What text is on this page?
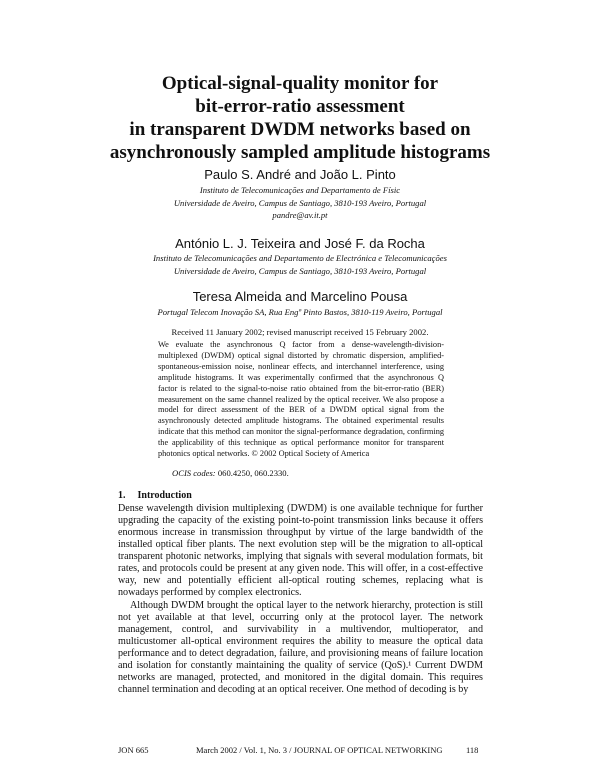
Optical-signal-quality monitor for
bit-error-ratio assessment
in transparent DWDM networks based on
asynchronously sampled amplitude histograms
Paulo S. André and João L. Pinto
Instituto de Telecomunicações and Departamento de Físic
Universidade de Aveiro, Campus de Santiago, 3810-193 Aveiro, Portugal
pandre@av.it.pt
António L. J. Teixeira and José F. da Rocha
Instituto de Telecomunicações and Departamento de Electrónica e Telecomunicações
Universidade de Aveiro, Campus de Santiago, 3810-193 Aveiro, Portugal
Teresa Almeida and Marcelino Pousa
Portugal Telecom Inovação SA, Rua Engº Pinto Bastos, 3810-119 Aveiro, Portugal
Received 11 January 2002; revised manuscript received 15 February 2002.
We evaluate the asynchronous Q factor from a dense-wavelength-division-multiplexed (DWDM) optical signal distorted by chromatic dispersion, amplified-spontaneous-emission noise, nonlinear effects, and interchannel interference, using amplitude histograms. It was experimentally confirmed that the asynchronous Q factor is related to the signal-to-noise ratio obtained from the bit-error-ratio (BER) measurement on the same channel realized by the optical receiver. We also propose a model for direct assessment of the BER of a DWDM optical signal from the asynchronously detected amplitude histograms. The obtained experimental results indicate that this method can monitor the signal-performance degradation, confirming the applicability of this technique as optical performance monitor for transparent photonics optical networks. © 2002 Optical Society of America
OCIS codes: 060.4250, 060.2330.
1. Introduction
Dense wavelength division multiplexing (DWDM) is one available technique for further upgrading the capacity of the existing point-to-point transmission links because it offers enormous increase in transmission throughput by virtue of the large bandwidth of the installed optical fiber plants. The next evolution step will be the migration to all-optical transparent photonic networks, implying that signals with several modulation formats, bit rates, and protocols could be present at any given node. This will offer, in a cost-effective way, new and potentially efficient all-optical routing schemes, replacing what is nowadays performed by complex electronics.
Although DWDM brought the optical layer to the network hierarchy, protection is still not yet available at that level, occurring only at the protocol layer. The network management, control, and survivability in a multivendor, multioperator, and multicustomer all-optical environment requires the ability to measure the optical data performance and to detect degradation, failure, and provisioning means of failure location and isolation for constantly maintaining the quality of service (QoS).¹ Current DWDM networks are managed, protected, and monitored in the digital domain. This requires channel termination and decoding at an optical receiver. One method of decoding is by
JON 665	March 2002 / Vol. 1, No. 3 / JOURNAL OF OPTICAL NETWORKING	118
